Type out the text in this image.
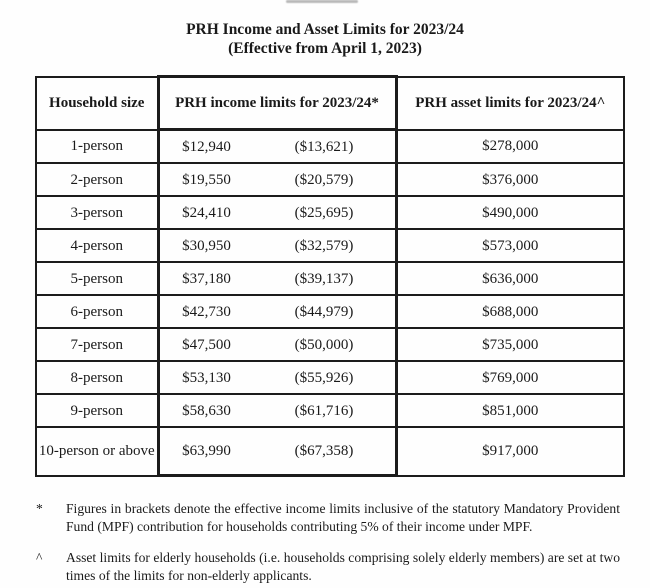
PRH Income and Asset Limits for 2023/24
(Effective from April 1, 2023)
Household size	PRH income limits for 2023/24*	PRH asset limits for 2023/24^
1-person	$12,940 ($13,621)	$278,000
2-person	$19,550 ($20,579)	$376,000
3-person	$24,410 ($25,695)	$490,000
4-person	$30,950 ($32,579)	$573,000
5-person	$37,180 ($39,137)	$636,000
6-person	$42,730 ($44,979)	$688,000
7-person	$47,500 ($50,000)	$735,000
8-person	$53,130 ($55,926)	$769,000
9-person	$58,630 ($61,716)	$851,000
10-person or above	$63,990 ($67,358)	$917,000
*	Figures in brackets denote the effective income limits inclusive of the statutory Mandatory Provident Fund (MPF) contribution for households contributing 5% of their income under MPF.
^	Asset limits for elderly households (i.e. households comprising solely elderly members) are set at two times of the limits for non-elderly applicants.
